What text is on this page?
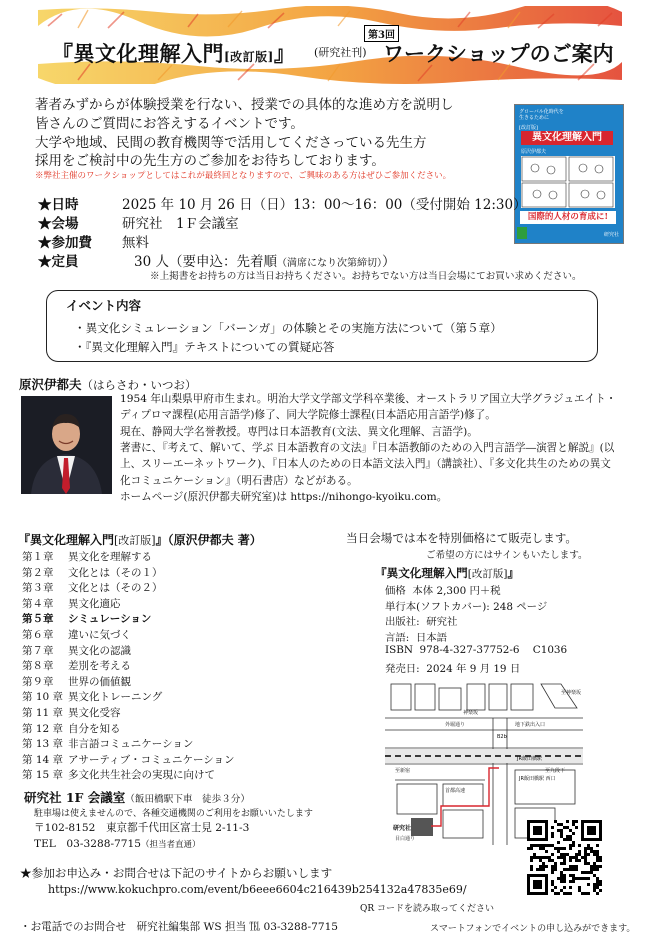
『異文化理解入門[改訂版]』 (研究社刊)
第3回
ワークショップのご案内
著者みずからが体験授業を行ない、授業での具体的な進め方を説明し
皆さんのご質問にお答えするイベントです。
大学や地域、民間の教育機関等で活用してくださっている先生方
採用をご検討中の先生方のご参加をお待ちしております。
※弊社主催のワークショップとしてはこれが最終回となりますので、ご興味のある方はぜひご参加ください。
グローバル化時代を
生きるために
[改訂版]
異文化理解入門
原沢伊都夫
国際的人材の育成に!
研究社
★日時	2025 年 10 月 26 日（日）13：00～16：00（受付開始 12:30）
★会場	研究社　1Ｆ会議室
★参加費 無料
★定員	30 人（要申込：先着順（満席になり次第締切））
※上掲書をお持ちの方は当日お持ちください。お持ちでない方は当日会場にてお買い求めください。
イベント内容
・異文化シミュレーション「バーンガ」の体験とその実施方法について（第５章）
・『異文化理解入門』テキストについての質疑応答
原沢伊都夫（はらさわ・いつお）
1954 年山梨県甲府市生まれ。明治大学文学部文学科卒業後、オーストラリア国立大学グラジュエイト・
ディプロマ課程(応用言語学)修了、同大学院修士課程(日本語応用言語学)修了。
現在、静岡大学名誉教授。専門は日本語教育(文法、異文化理解、言語学)。
著書に、『考えて、解いて、学ぶ 日本語教育の文法』『日本語教師のための入門言語学―演習と解説』(以
上、スリーエーネットワーク)、『日本人のための日本語文法入門』（講談社）、『多文化共生のための異文
化コミュニケーション』（明石書店）などがある。
ホームページ(原沢伊都夫研究室)は https://nihongo-kyoiku.com。
『異文化理解入門[改訂版]』（原沢伊都夫 著）
第１章 異文化を理解する
第２章 文化とは（その１）
第３章 文化とは（その２）
第４章 異文化適応
第５章 シミュレーション
第６章 違いに気づく
第７章 異文化の認識
第８章 差別を考える
第９章 世界の価値観
第 10 章 異文化トレーニング
第 11 章 異文化受容
第 12 章 自分を知る
第 13 章 非言語コミュニケーション
第 14 章 アサーティブ・コミュニケーション
第 15 章 多文化共生社会の実現に向けて
当日会場では本を特別価格にて販売します。
ご希望の方にはサインもいたします。
『異文化理解入門[改訂版]』
価格  本体 2,300 円＋税
単行本(ソフトカバー): 248 ページ
出版社:  研究社
言語:  日本語
ISBN  978-4-327-37752-6    C1036
発売日:  2024 年 9 月 19 日
神楽坂
外堀通り	地下鉄出入口
B2b
JR飯田橋駅
至新宿	至九段下
JR飯田橋駅 西口
至神楽坂
首都高速
目白通り
研究社
研究社 1F 会議室（飯田橋駅下車　徒歩３分）
駐車場は使えませんので、各種交通機関のご利用をお願いいたします
〒102-8152　東京都千代田区富士見 2-11-3
TEL　03-3288-7715（担当者直通）
★参加お申込み・お問合せは下記のサイトからお願いします
https://www.kokuchpro.com/event/b6eee6604c216439b254132a47835e69/
QR コードを読み取ってください
・お電話でのお問合せ　研究社編集部 WS 担当 ℡ 03-3288-7715	スマートフォンでイベントの申し込みができます。
